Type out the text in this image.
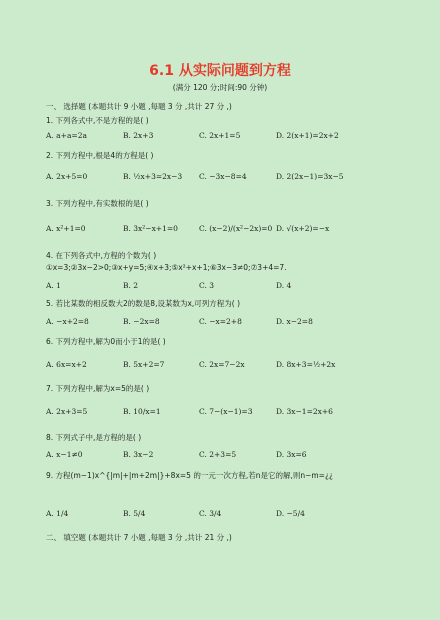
6.1 从实际问题到方程
(满分 120 分;时间:90 分钟)
一、 选择题 (本题共计 9 小题 ,每题 3 分 ,共计 27 分 ,)
1. 下列各式中,不是方程的是( )
A. a+a=2a	B. 2x+3	C. 2x+1=5	D. 2(x+1)=2x+2
2. 下列方程中,根是4的方程是( )
A. 2x+5=0	B. ½x+3=2x−3 C. −3x−8=4	D. 2(2x−1)=3x−5
3. 下列方程中,有实数根的是( )
A. x²+1=0	B. 3x²−x+1=0	C. (x−2)/(x²−2x)=0 D. √(x+2)=−x
4. 在下列各式中,方程的个数为( )
①x=3;②3x−2>0;③x+y=5;④x+3;⑤x²+x+1;⑥3x−3≠0;⑦3+4=7.
A. 1	B. 2	C. 3	D. 4
5. 若比某数的相反数大2的数是8,设某数为x,可列方程为( )
A. −x+2=8	B. −2x=8	C. −x=2+8	D. x−2=8
6. 下列方程中,解为0而小于1的是( )
A. 6x=x+2	B. 5x+2=7	C. 2x=7−2x	D. 8x+3=½+2x
7. 下列方程中,解为x=5的是( )
A. 2x+3=5	B. 10/x=1	C. 7−(x−1)=3	D. 3x−1=2x+6
8. 下列式子中,是方程的是( )
A. x−1≠0	B. 3x−2	C. 2+3=5	D. 3x=6
9. 方程(m−1)x^{|m|+|m+2m|}+8x=5 的一元一次方程,若n是它的解,则n−m=¿¿
A. 1/4	B. 5/4	C. 3/4	D. −5/4
二、 填空题 (本题共计 7 小题 ,每题 3 分 ,共计 21 分 ,)
